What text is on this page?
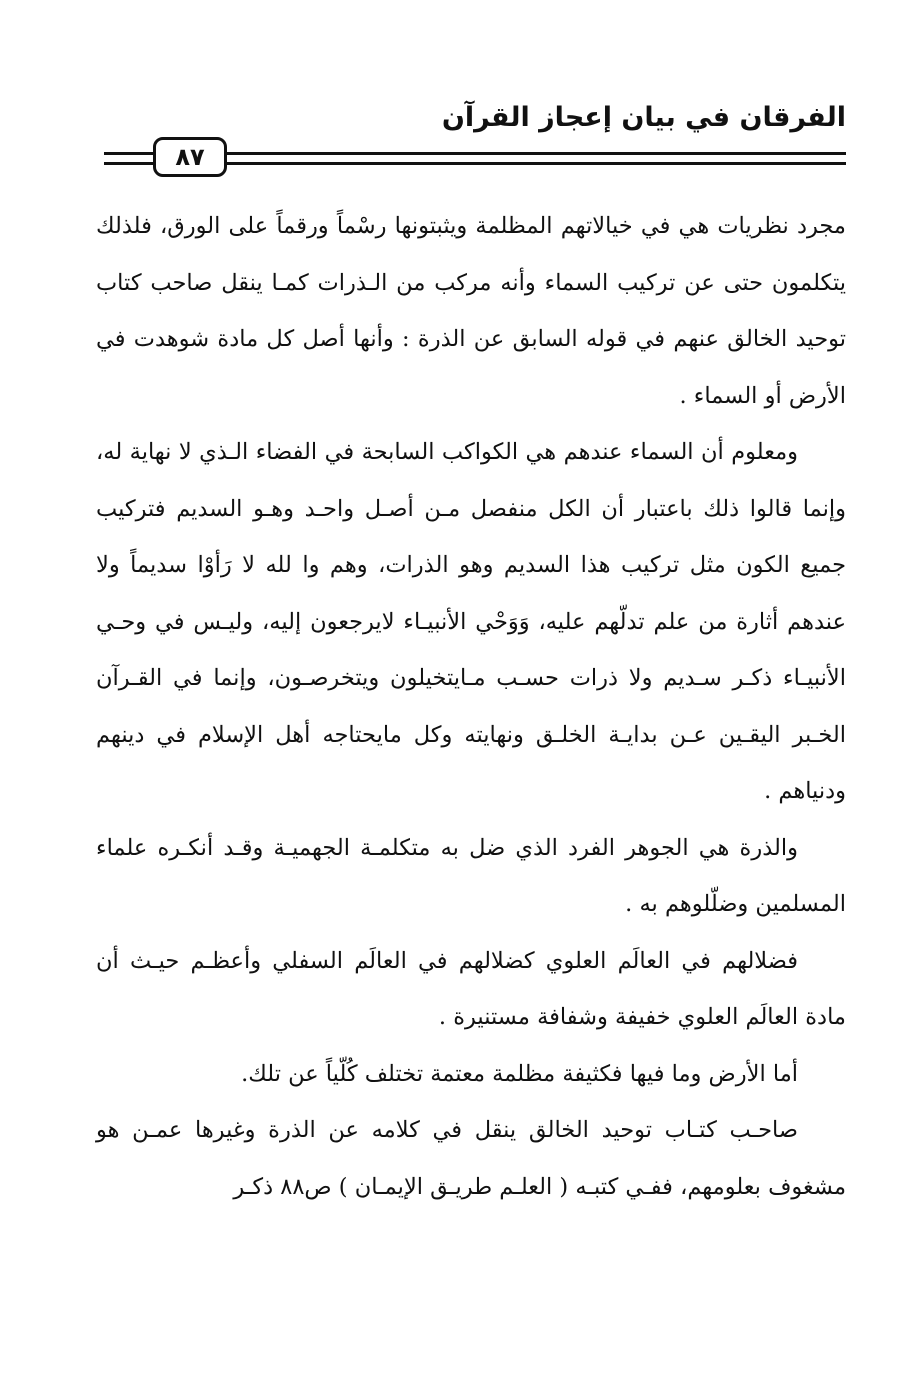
الفرقان في بيان إعجاز القرآن
٨٧

مجرد نظريات هي في خيالاتهم المظلمة ويثبتونها رسْماً ورقماً على الورق، فلذلك يتكلمون حتى عن تركيب السماء وأنه مركب من الـذرات كمـا ينقل صاحب كتاب توحيد الخالق عنهم في قوله السابق عن الذرة : وأنها أصل كل مادة شوهدت في الأرض أو السماء .

ومعلوم أن السماء عندهم هي الكواكب السابحة في الفضاء الـذي لا نهاية له، وإنما قالوا ذلك باعتبار أن الكل منفصل مـن أصـل واحـد وهـو السديم فتركيب جميع الكون مثل تركيب هذا السديم وهو الذرات، وهم وا لله لا رَأوْا سديماً ولا عندهم أثارة من علم تدلّهم عليه، وَوَحْي الأنبيـاء لايرجعون إليه، وليـس في وحـي الأنبيـاء ذكـر سـديم ولا ذرات حسـب مـايتخيلون ويتخرصـون، وإنما في القـرآن الخـبر اليقـين عـن بدايـة الخلـق ونهايته وكل مايحتاجه أهل الإسلام في دينهم ودنياهم .

والذرة هي الجوهر الفرد الذي ضل به متكلمـة الجهميـة وقـد أنكـره علماء المسلمين وضلّلوهم به .

فضلالهم في العالَم العلوي كضلالهم في العالَم السفلي وأعظـم حيـث أن مادة العالَم العلوي خفيفة وشفافة مستنيرة .

أما الأرض وما فيها فكثيفة مظلمة معتمة تختلف كُلّياً عن تلك.

صاحـب كتـاب توحيد الخالق ينقل في كلامه عن الذرة وغيرها عمـن هو مشغوف بعلومهم، ففـي كتبـه ( العلـم طريـق الإيمـان ) ص٨٨ ذكـر
